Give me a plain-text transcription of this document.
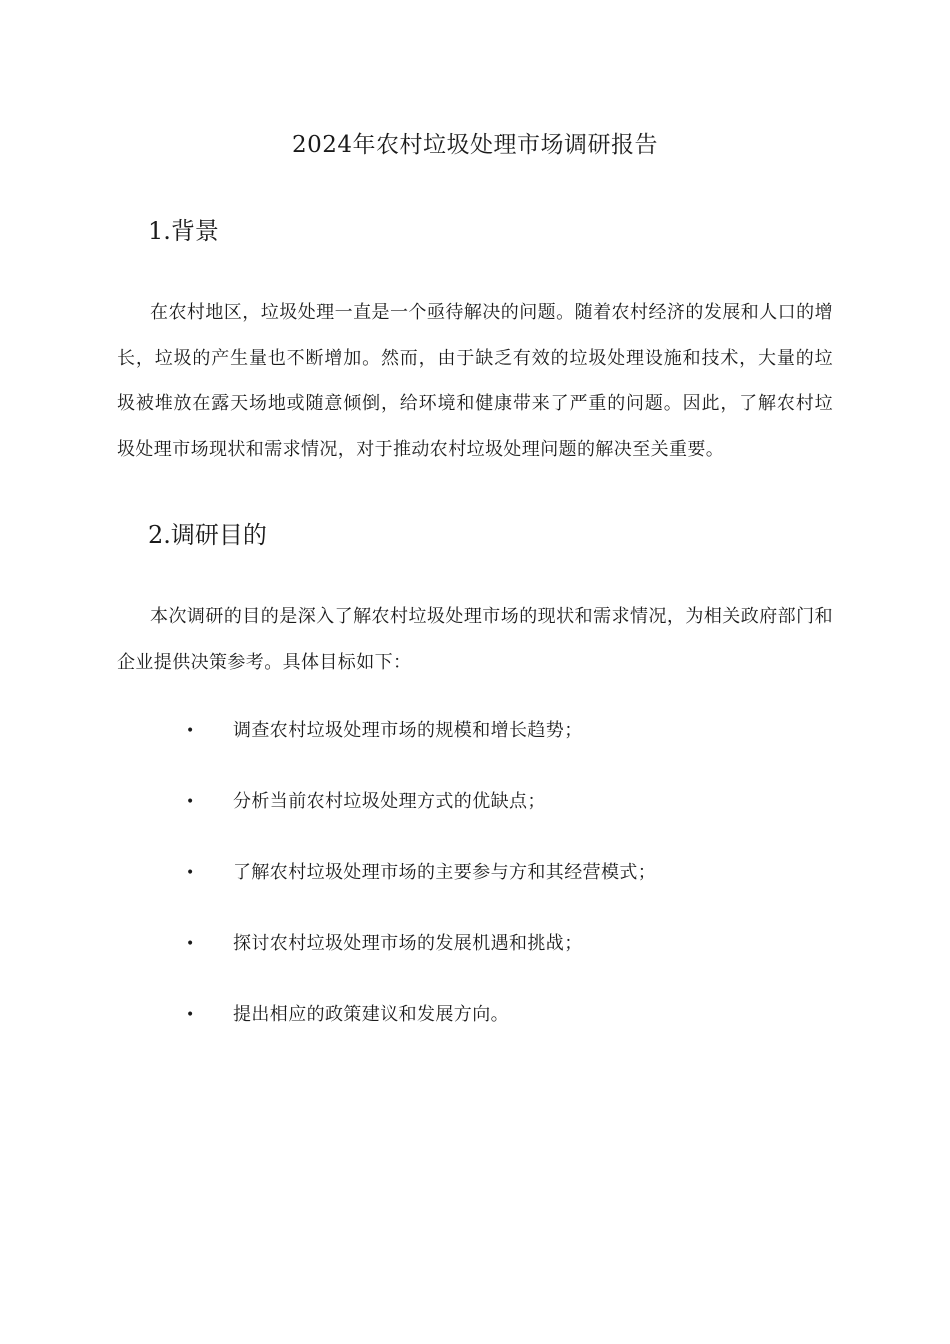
2024年农村垃圾处理市场调研报告
1.背景

在农村地区，垃圾处理一直是一个亟待解决的问题。随着农村经济的发展和人口的增长，垃圾的产生量也不断增加。然而，由于缺乏有效的垃圾处理设施和技术，大量的垃圾被堆放在露天场地或随意倾倒，给环境和健康带来了严重的问题。因此，了解农村垃圾处理市场现状和需求情况，对于推动农村垃圾处理问题的解决至关重要。

2.调研目的

本次调研的目的是深入了解农村垃圾处理市场的现状和需求情况，为相关政府部门和企业提供决策参考。具体目标如下：

• 调查农村垃圾处理市场的规模和增长趋势；
• 分析当前农村垃圾处理方式的优缺点；
• 了解农村垃圾处理市场的主要参与方和其经营模式；
• 探讨农村垃圾处理市场的发展机遇和挑战；
• 提出相应的政策建议和发展方向。
